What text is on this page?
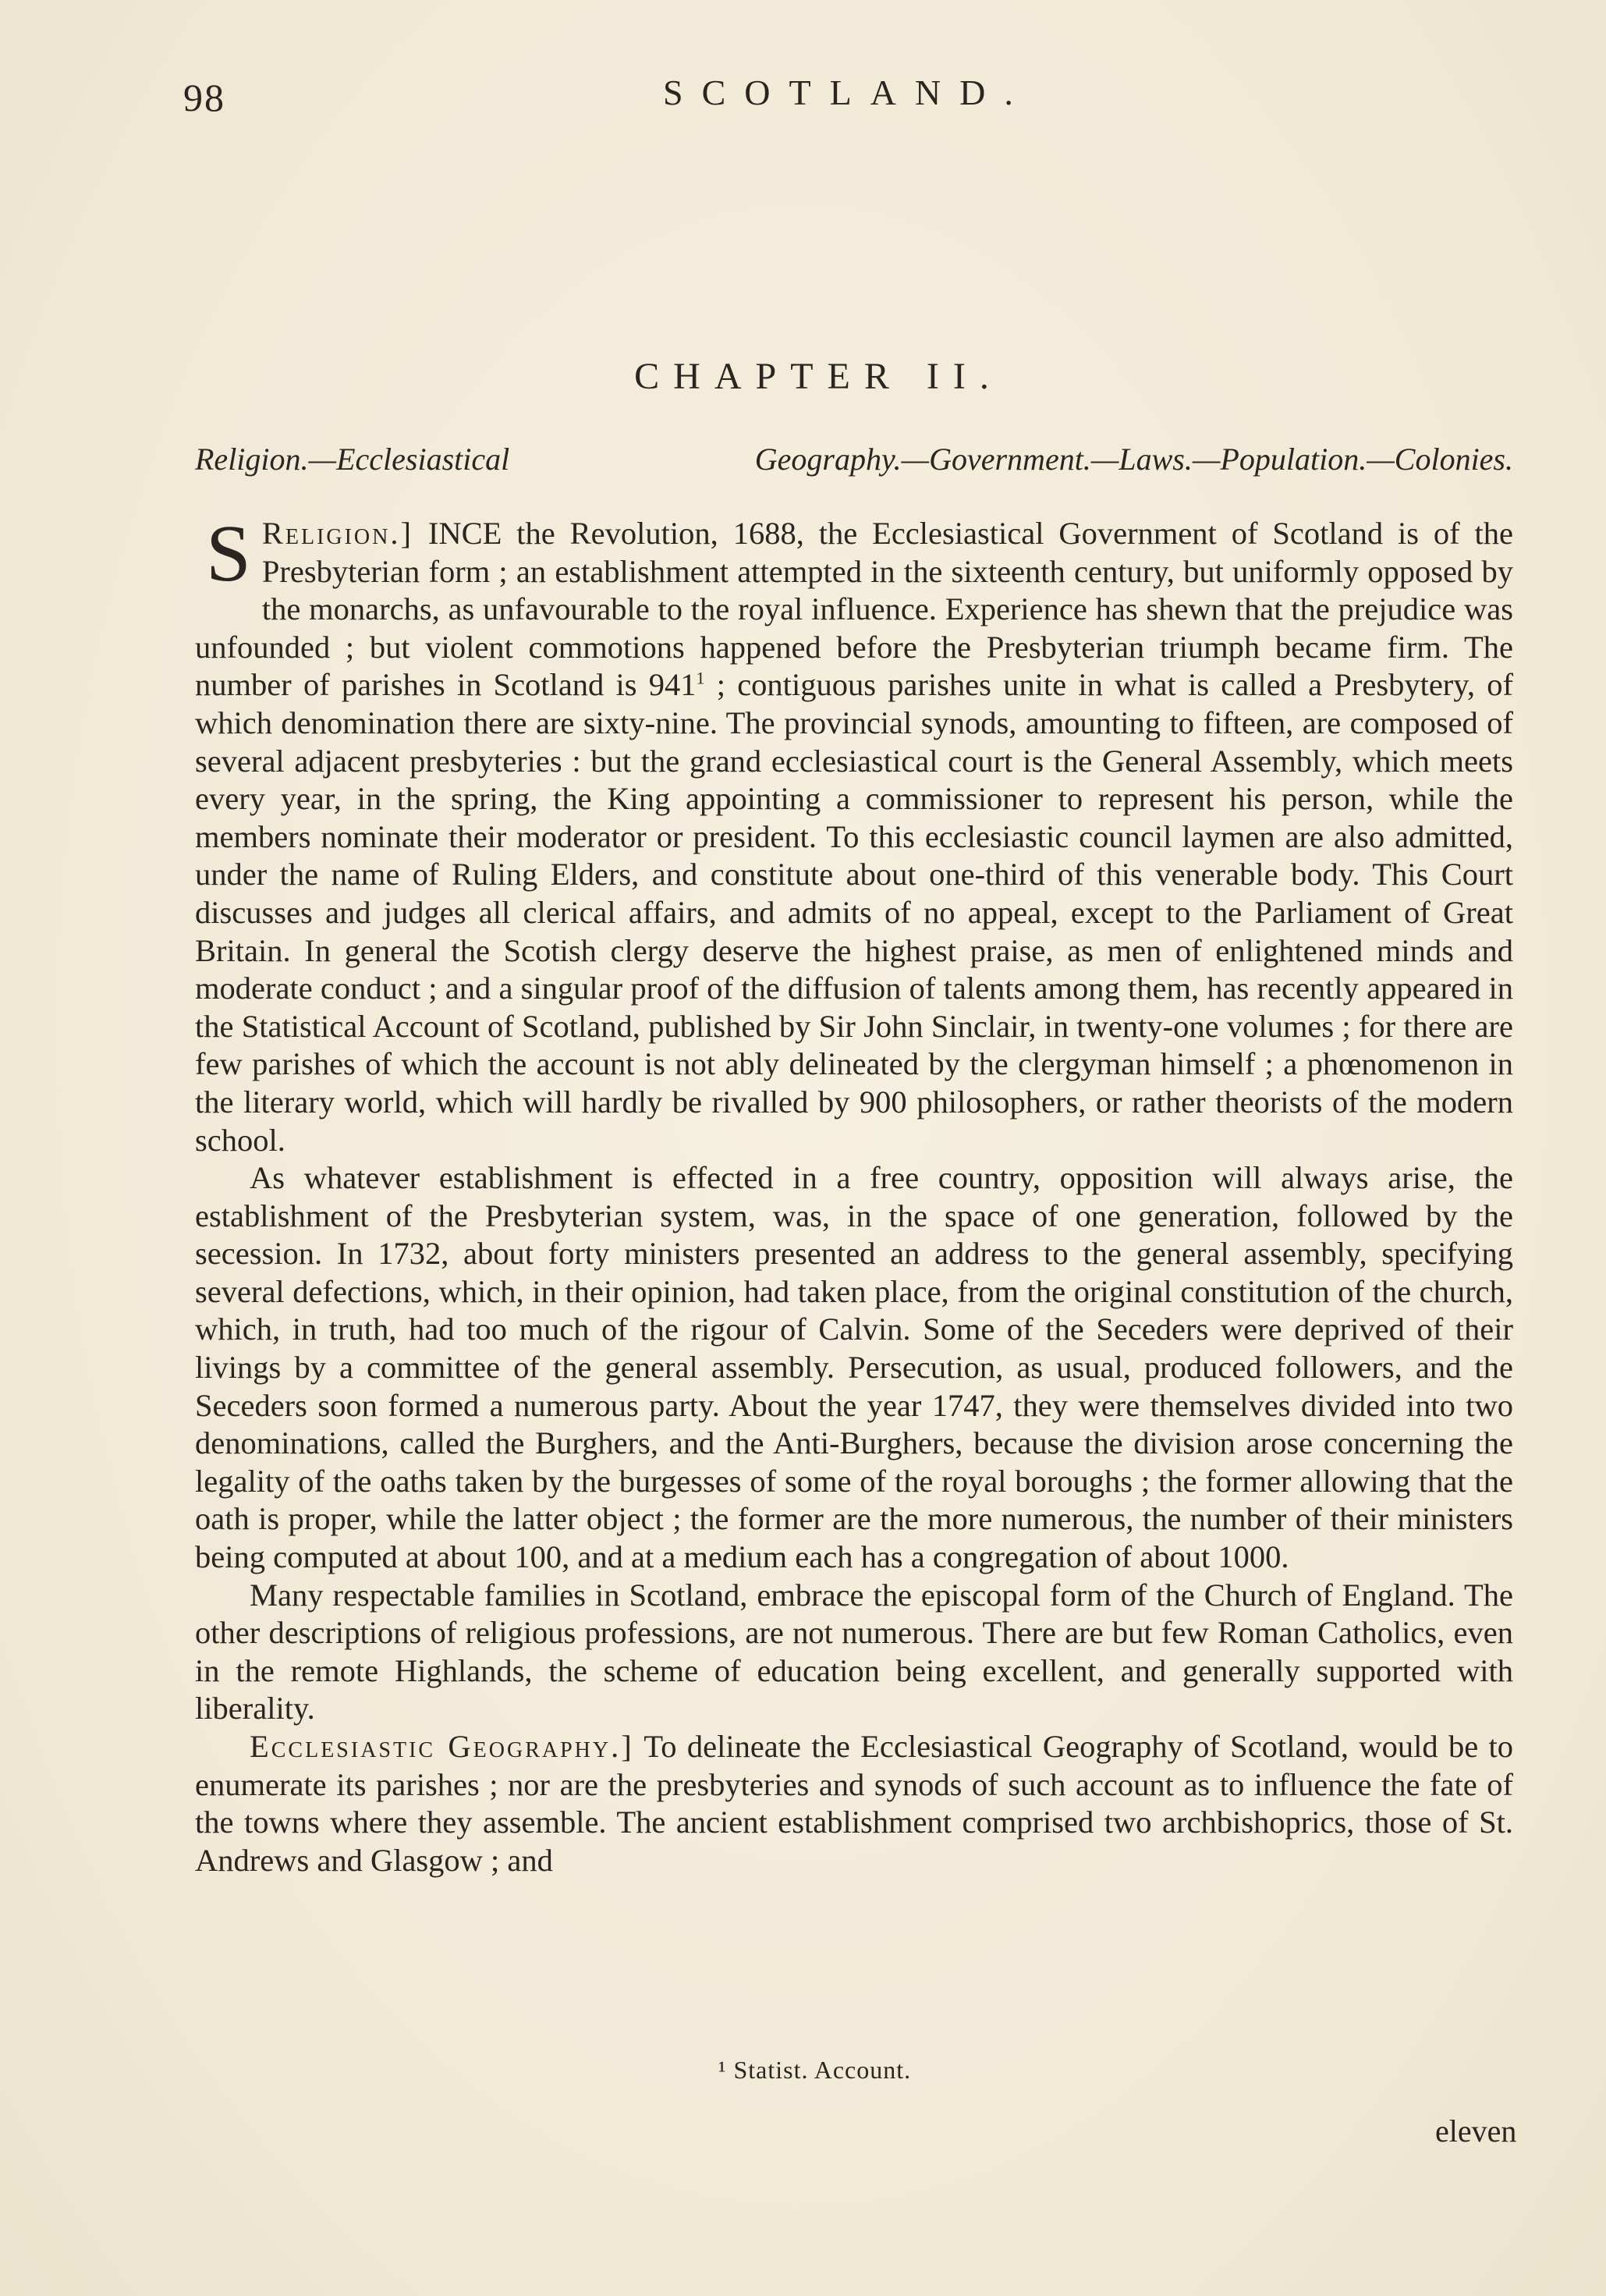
98	SCOTLAND.
CHAPTER II.
Religion.—Ecclesiastical Geography.—Government.—Laws.—Population.—Colonies.

Religion.]
S	INCE the Revolution, 1688, the Ecclesiastical Government of Scotland is of the Presbyterian form ; an establishment attempted in the sixteenth century, but uniformly opposed by the monarchs, as unfavourable to the royal influence. Experience has shewn that the prejudice was unfounded ; but violent commotions happened before the Presbyterian triumph became firm. The number of parishes in Scotland is $941^1$ ; contiguous parishes unite in what is called a Presbytery, of which denomination there are sixty-nine. The provincial synods, amounting to fifteen, are composed of several adjacent presbyteries : but the grand ecclesiastical court is the General Assembly, which meets every year, in the spring, the King appointing a commissioner to represent his person, while the members nominate their moderator or president. To this ecclesiastic council laymen are also admitted, under the name of Ruling Elders, and constitute about one-third of this venerable body. This Court discusses and judges all clerical affairs, and admits of no appeal, except to the Parliament of Great Britain. In general the Scotish clergy deserve the highest praise, as men of enlightened minds and moderate conduct ; and a singular proof of the diffusion of talents among them, has recently appeared in the Statistical Account of Scotland, published by Sir John Sinclair, in twenty-one volumes ; for there are few parishes of which the account is not ably delineated by the clergyman himself ; a phœnomenon in the literary world, which will hardly be rivalled by 900 philosophers, or rather theorists of the modern school.

As whatever establishment is effected in a free country, opposition will always arise, the establishment of the Presbyterian system, was, in the space of one generation, followed by the secession. In 1732, about forty ministers presented an address to the general assembly, specifying several defections, which, in their opinion, had taken place, from the original constitution of the church, which, in truth, had too much of the rigour of Calvin. Some of the Seceders were deprived of their livings by a committee of the general assembly. Persecution, as usual, produced followers, and the Seceders soon formed a numerous party. About the year 1747, they were themselves divided into two denominations, called the Burghers, and the Anti-Burghers, because the division arose concerning the legality of the oaths taken by the burgesses of some of the royal boroughs ; the former allowing that the oath is proper, while the latter object ; the former are the more numerous, the number of their ministers being computed at about 100, and at a medium each has a congregation of about 1000.

Many respectable families in Scotland, embrace the episcopal form of the Church of England. The other descriptions of religious professions, are not numerous. There are but few Roman Catholics, even in the remote Highlands, the scheme of education being excellent, and generally supported with liberality.

Ecclesiastic Geography.] To delineate the Ecclesiastical Geography of Scotland, would be to enumerate its parishes ; nor are the presbyteries and synods of such account as to influence the fate of the towns where they assemble. The ancient establishment comprised two archbishoprics, those of St. Andrews and Glasgow ; and

¹ Statist. Account.
eleven
